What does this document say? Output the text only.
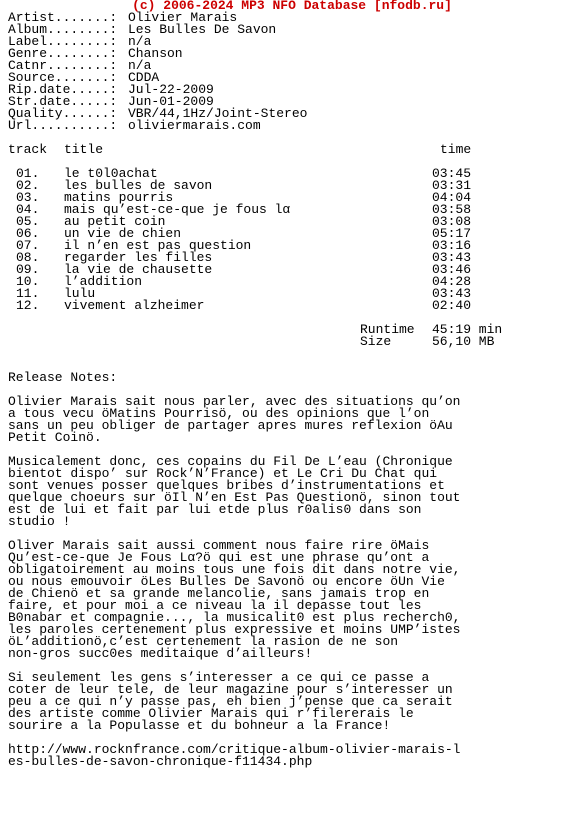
(c) 2006-2024 MP3 NFO Database [nfodb.ru]
Artist.......: Olivier Marais
Album........: Les Bulles De Savon
Label........: n/a
Genre........: Chanson
Catnr........: n/a
Source.......: CDDA
Rip.date.....: Jul-22-2009
Str.date.....: Jun-01-2009
Quality......: VBR/44,1Hz/Joint-Stereo
Url..........: oliviermarais.com
track title	time
01. le t0l0achat	03:45
02. les bulles de savon	03:31
03. matins pourris	04:04
04. mais qu’est-ce-que je fous lα	03:58
05. au petit coin	03:08
06. un vie de chien	05:17
07. il n’en est pas question	03:16
08. regarder les filles	03:43
09. la vie de chausette	03:46
10. l’addition	04:28
11. lulu	03:43
12. vivement alzheimer	02:40
Runtime 45:19 min
Size	56,10 MB
Release Notes:
Olivier Marais sait nous parler, avec des situations qu’on
a tous vecu öMatins Pourrisö, ou des opinions que l’on
sans un peu obliger de partager apres mures reflexion öAu
Petit Coinö.
Musicalement donc, ces copains du Fil De L’eau (Chronique
bientot dispo’ sur Rock’N’France) et Le Cri Du Chat qui
sont venues posser quelques bribes d’instrumentations et
quelque choeurs sur öIl N’en Est Pas Questionö, sinon tout
est de lui et fait par lui etde plus r0alis0 dans son
studio !
Oliver Marais sait aussi comment nous faire rire öMais
Qu’est-ce-que Je Fous Lα?ö qui est une phrase qu’ont a
obligatoirement au moins tous une fois dit dans notre vie,
ou nous emouvoir öLes Bulles De Savonö ou encore öUn Vie
de Chienö et sa grande melancolie, sans jamais trop en
faire, et pour moi a ce niveau la il depasse tout les
B0nabar et compagnie..., la musicalit0 est plus recherch0,
les paroles certenement plus expressive et moins UMP’istes
öL’additionö,c’est certenement la rasion de ne son
non-gros succ0es meditaique d’ailleurs!
Si seulement les gens s’interesser a ce qui ce passe a
coter de leur tele, de leur magazine pour s’interesser un
peu a ce qui n’y passe pas, eh bien j’pense que ca serait
des artiste comme Olivier Marais qui r’filererais le
sourire a la Populasse et du bohneur a la France!
http://www.rocknfrance.com/critique-album-olivier-marais-l
es-bulles-de-savon-chronique-f11434.php
